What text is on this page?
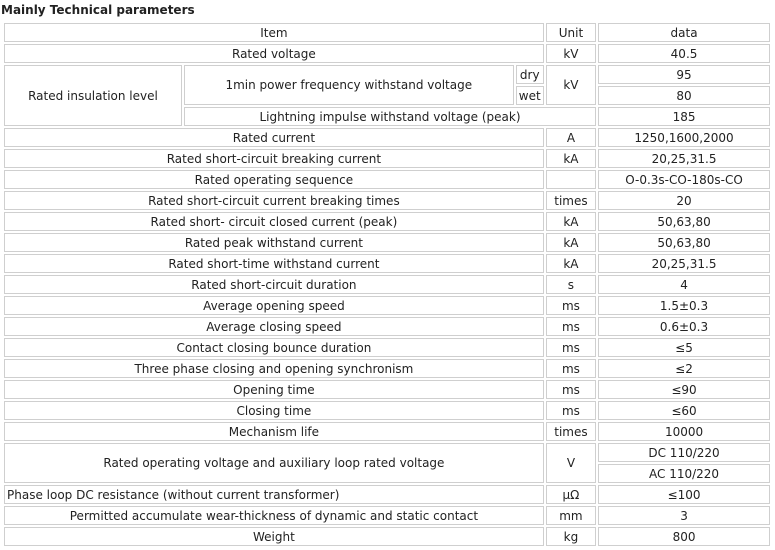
Mainly Technical parameters
Item			Unit	data
Rated voltage			kV	40.5
Rated insulation level	1min power frequency withstand voltage	dry	kV	95
		wet		80
	Lightning impulse withstand voltage (peak)			185
Rated current			A	1250,1600,2000
Rated short-circuit breaking current			kA	20,25,31.5
Rated operating sequence				O-0.3s-CO-180s-CO
Rated short-circuit current breaking times			times	20
Rated short- circuit closed current (peak)			kA	50,63,80
Rated peak withstand current			kA	50,63,80
Rated short-time withstand current			kA	20,25,31.5
Rated short-circuit duration			s	4
Average opening speed			ms	1.5±0.3
Average closing speed			ms	0.6±0.3
Contact closing bounce duration			ms	≤5
Three phase closing and opening synchronism			ms	≤2
Opening time			ms	≤90
Closing time			ms	≤60
Mechanism life			times	10000
Rated operating voltage and auxiliary loop rated voltage			V	DC 110/220
				AC 110/220
Phase loop DC resistance (without current transformer)			μΩ	≤100
Permitted accumulate wear-thickness of dynamic and static contact			mm	3
Weight			kg	800
